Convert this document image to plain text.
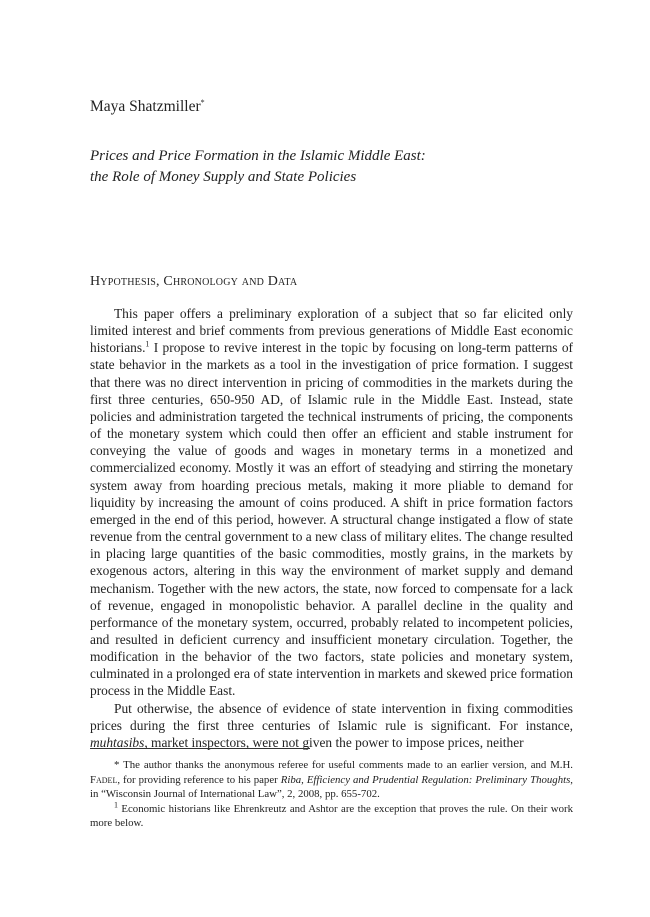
Maya Shatzmiller*
Prices and Price Formation in the Islamic Middle East:
the Role of Money Supply and State Policies
Hypothesis, Chronology and Data

This paper offers a preliminary exploration of a subject that so far elicited only limited interest and brief comments from previous generations of Middle East economic historians.$^1$ I propose to revive interest in the topic by focusing on long-term patterns of state behavior in the markets as a tool in the investigation of price formation. I suggest that there was no direct intervention in pricing of commodities in the markets during the first three centuries, 650-950 AD, of Islamic rule in the Middle East. Instead, state policies and administration targeted the technical instruments of pricing, the components of the monetary system which could then offer an efficient and stable instrument for conveying the value of goods and wages in monetary terms in a monetized and commercialized economy. Mostly it was an effort of steadying and stirring the monetary system away from hoarding precious metals, making it more pliable to demand for liquidity by increasing the amount of coins produced. A shift in price formation factors emerged in the end of this period, however. A structural change instigated a flow of state revenue from the central government to a new class of military elites. The change resulted in placing large quantities of the basic commodities, mostly grains, in the markets by exogenous actors, altering in this way the environment of market supply and demand mechanism. Together with the new actors, the state, now forced to compensate for a lack of revenue, engaged in monopolistic behavior. A parallel decline in the quality and performance of the monetary system, occurred, probably related to incompetent policies, and resulted in deficient currency and insufficient monetary circulation. Together, the modification in the behavior of the two factors, state policies and monetary system, culminated in a prolonged era of state intervention in markets and skewed price formation process in the Middle East.

Put otherwise, the absence of evidence of state intervention in fixing commodities prices during the first three centuries of Islamic rule is significant. For instance, muhtasibs, market inspectors, were not given the power to impose prices, neither

* The author thanks the anonymous referee for useful comments made to an earlier version, and M.H. Fadel, for providing reference to his paper Riba, Efficiency and Prudential Regulation: Preliminary Thoughts, in “Wisconsin Journal of International Law”, 2, 2008, pp. 655-702.

$^1$ Economic historians like Ehrenkreutz and Ashtor are the exception that proves the rule. On their work more below.
